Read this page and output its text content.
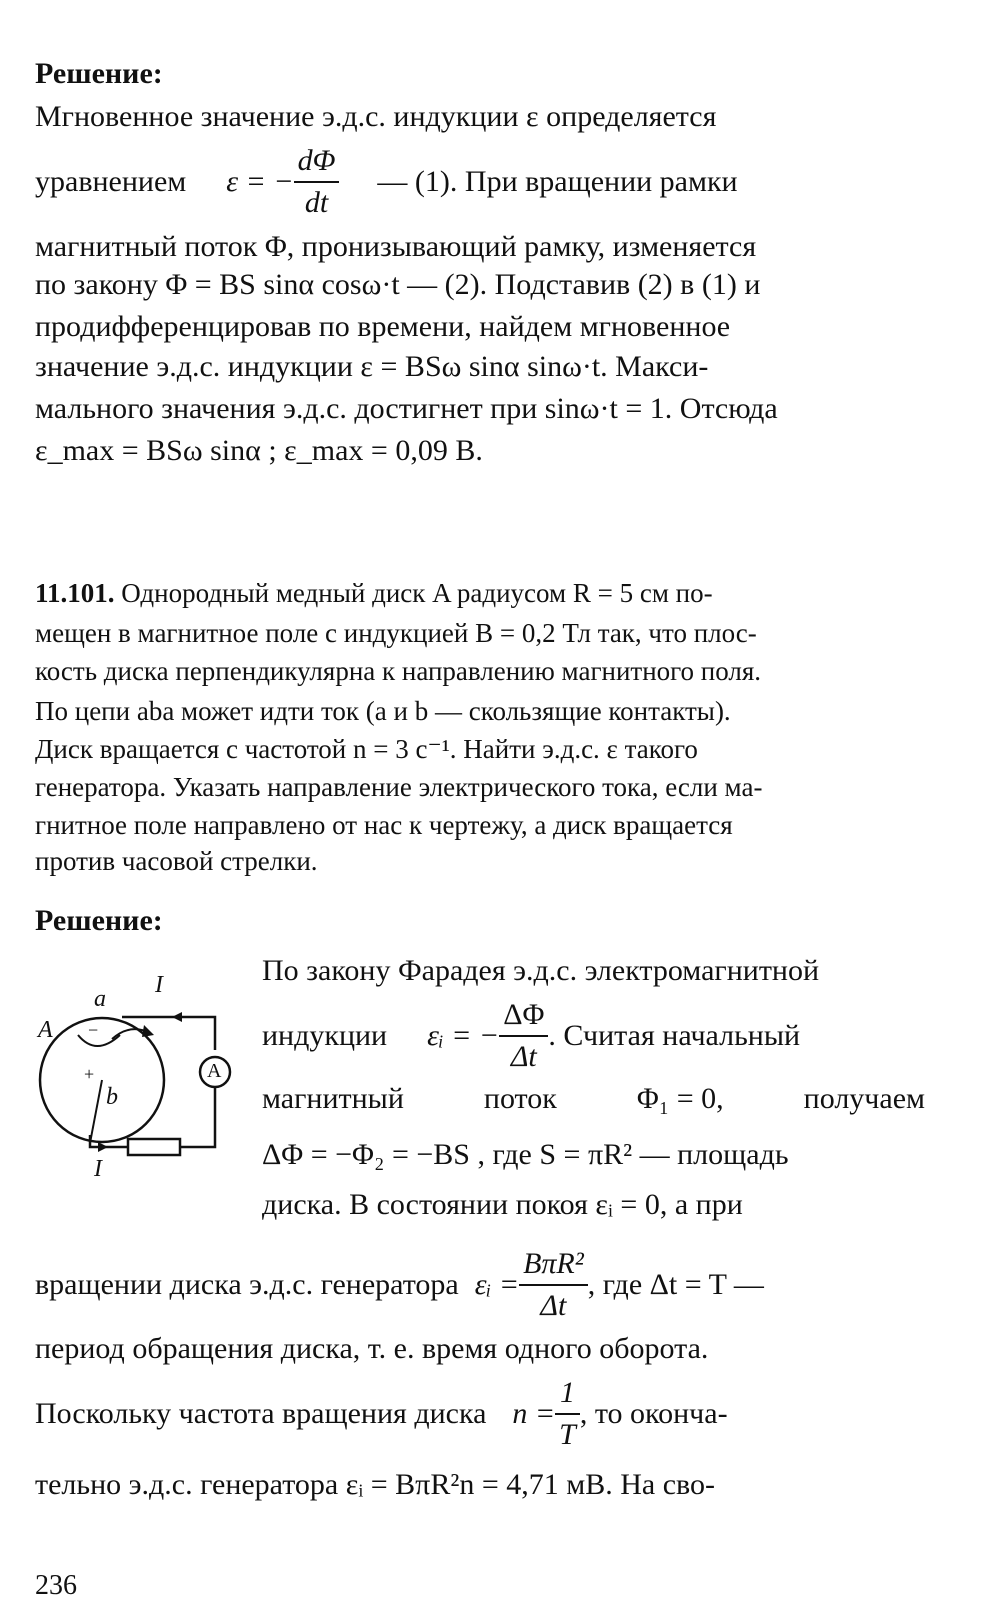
Решение:
Мгновенное значение э.д.с. индукции ε определяется
уравнением ε = − $\frac{d\Phi}{dt}$ — (1). При вращении рамки
магнитный поток Φ, пронизывающий рамку, изменяется
по закону Φ = BS sinα cosω·t — (2). Подставив (2) в (1) и
продифференцировав по времени, найдем мгновенное
значение э.д.с. индукции ε = BSω sinα sinω·t. Макси-
мального значения э.д.с. достигнет при sinω·t = 1. Отсюда
ε_max = BSω sinα ; ε_max = 0,09 В.
11.101. Однородный медный диск A радиусом R = 5 см по-
мещен в магнитное поле с индукцией B = 0,2 Тл так, что плос-
кость диска перпендикулярна к направлению магнитного поля.
По цепи aba может идти ток (a и b — скользящие контакты).
Диск вращается с частотой n = 3 с⁻¹. Найти э.д.с. ε такого
генератора. Указать направление электрического тока, если ма-
гнитное поле направлено от нас к чертежу, а диск вращается
против часовой стрелки.
Решение:
По закону Фарадея э.д.с. электромагнитной
индукции εᵢ = − $\frac{\Delta\Phi}{\Delta t}$ . Считая начальный
магнитный	поток	Φ₁ = 0,	получаем
ΔΦ = −Φ₂ = −BS , где S = πR² — площадь
диска. В состоянии покоя εᵢ = 0, а при
вращении диска э.д.с. генератора εᵢ = $\frac{\text{BπR²}}{\Delta t}$ , где Δt = T —
период обращения диска, т. е. время одного оборота.
Поскольку частота вращения диска $n = \frac{1}{T}$ , то оконча-
тельно э.д.с. генератора εᵢ = BπR²n = 4,71 мВ. На сво-
A
a
b
I
I
A
−
+
236
